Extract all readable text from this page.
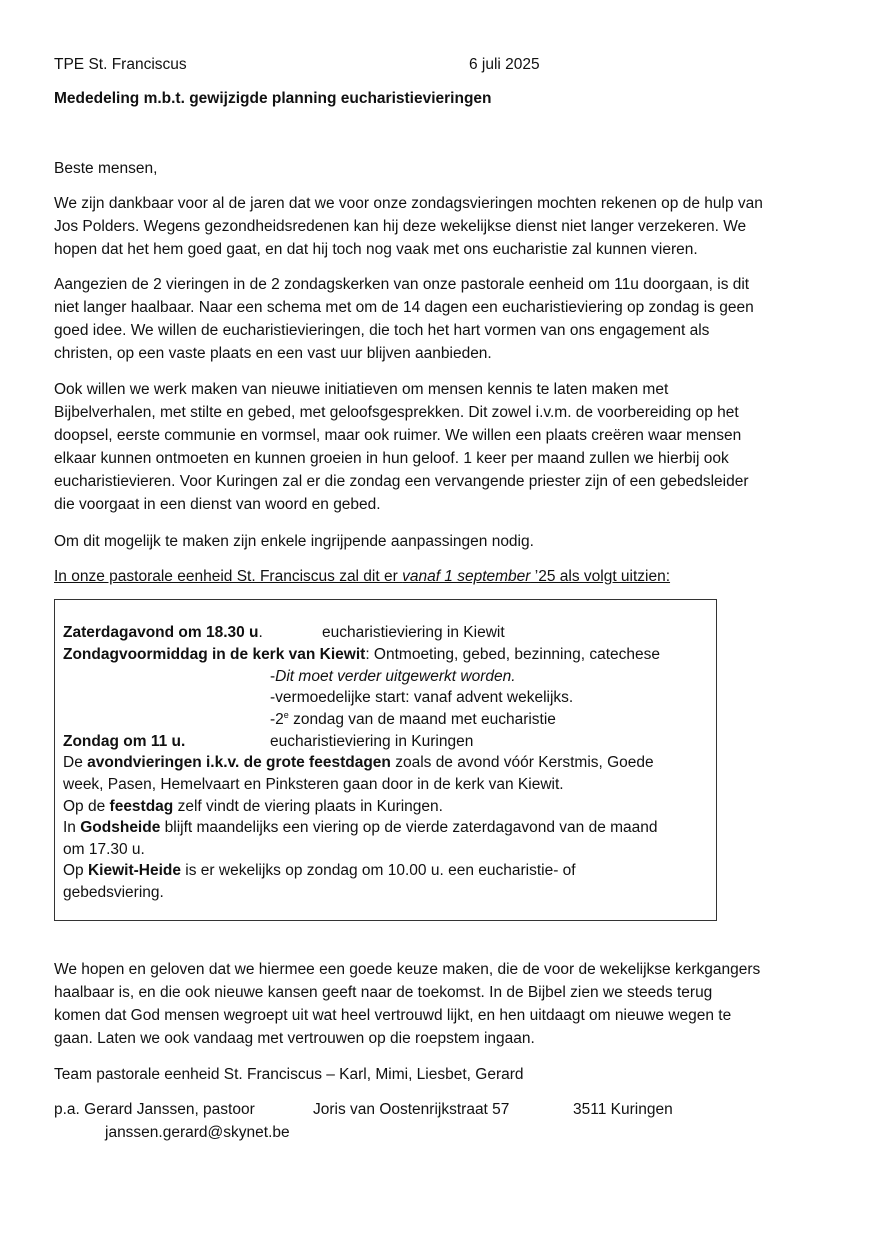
TPE St. Franciscus	6 juli 2025
Mededeling m.b.t. gewijzigde planning eucharistievieringen
Beste mensen,
We zijn dankbaar voor al de jaren dat we voor onze zondagsvieringen mochten rekenen op de hulp van
Jos Polders. Wegens gezondheidsredenen kan hij deze wekelijkse dienst niet langer verzekeren. We
hopen dat het hem goed gaat, en dat hij toch nog vaak met ons eucharistie zal kunnen vieren.
Aangezien de 2 vieringen in de 2 zondagskerken van onze pastorale eenheid om 11u doorgaan, is dit
niet langer haalbaar. Naar een schema met om de 14 dagen een eucharistieviering op zondag is geen
goed idee. We willen de eucharistievieringen, die toch het hart vormen van ons engagement als
christen, op een vaste plaats en een vast uur blijven aanbieden.
Ook willen we werk maken van nieuwe initiatieven om mensen kennis te laten maken met
Bijbelverhalen, met stilte en gebed, met geloofsgesprekken. Dit zowel i.v.m. de voorbereiding op het
doopsel, eerste communie en vormsel, maar ook ruimer. We willen een plaats creëren waar mensen
elkaar kunnen ontmoeten en kunnen groeien in hun geloof. 1 keer per maand zullen we hierbij ook
eucharistievieren. Voor Kuringen zal er die zondag een vervangende priester zijn of een gebedsleider
die voorgaat in een dienst van woord en gebed.
Om dit mogelijk te maken zijn enkele ingrijpende aanpassingen nodig.
In onze pastorale eenheid St. Franciscus zal dit er vanaf 1 september ’25 als volgt uitzien:
Zaterdagavond om 18.30 u.	eucharistieviering in Kiewit
Zondagvoormiddag in de kerk van Kiewit: Ontmoeting, gebed, bezinning, catechese
-Dit moet verder uitgewerkt worden.
-vermoedelijke start: vanaf advent wekelijks.
-2e zondag van de maand met eucharistie
Zondag om 11 u.	eucharistieviering in Kuringen
De avondvieringen i.k.v. de grote feestdagen zoals de avond vóór Kerstmis, Goede
week, Pasen, Hemelvaart en Pinksteren gaan door in de kerk van Kiewit.
Op de feestdag zelf vindt de viering plaats in Kuringen.
In Godsheide blijft maandelijks een viering op de vierde zaterdagavond van de maand
om 17.30 u.
Op Kiewit-Heide is er wekelijks op zondag om 10.00 u. een eucharistie- of
gebedsviering.
We hopen en geloven dat we hiermee een goede keuze maken, die de voor de wekelijkse kerkgangers
haalbaar is, en die ook nieuwe kansen geeft naar de toekomst. In de Bijbel zien we steeds terug
komen dat God mensen wegroept uit wat heel vertrouwd lijkt, en hen uitdaagt om nieuwe wegen te
gaan. Laten we ook vandaag met vertrouwen op die roepstem ingaan.
Team pastorale eenheid St. Franciscus – Karl, Mimi, Liesbet, Gerard
p.a. Gerard Janssen, pastoor	Joris van Oostenrijkstraat 57	3511 Kuringen
janssen.gerard@skynet.be
